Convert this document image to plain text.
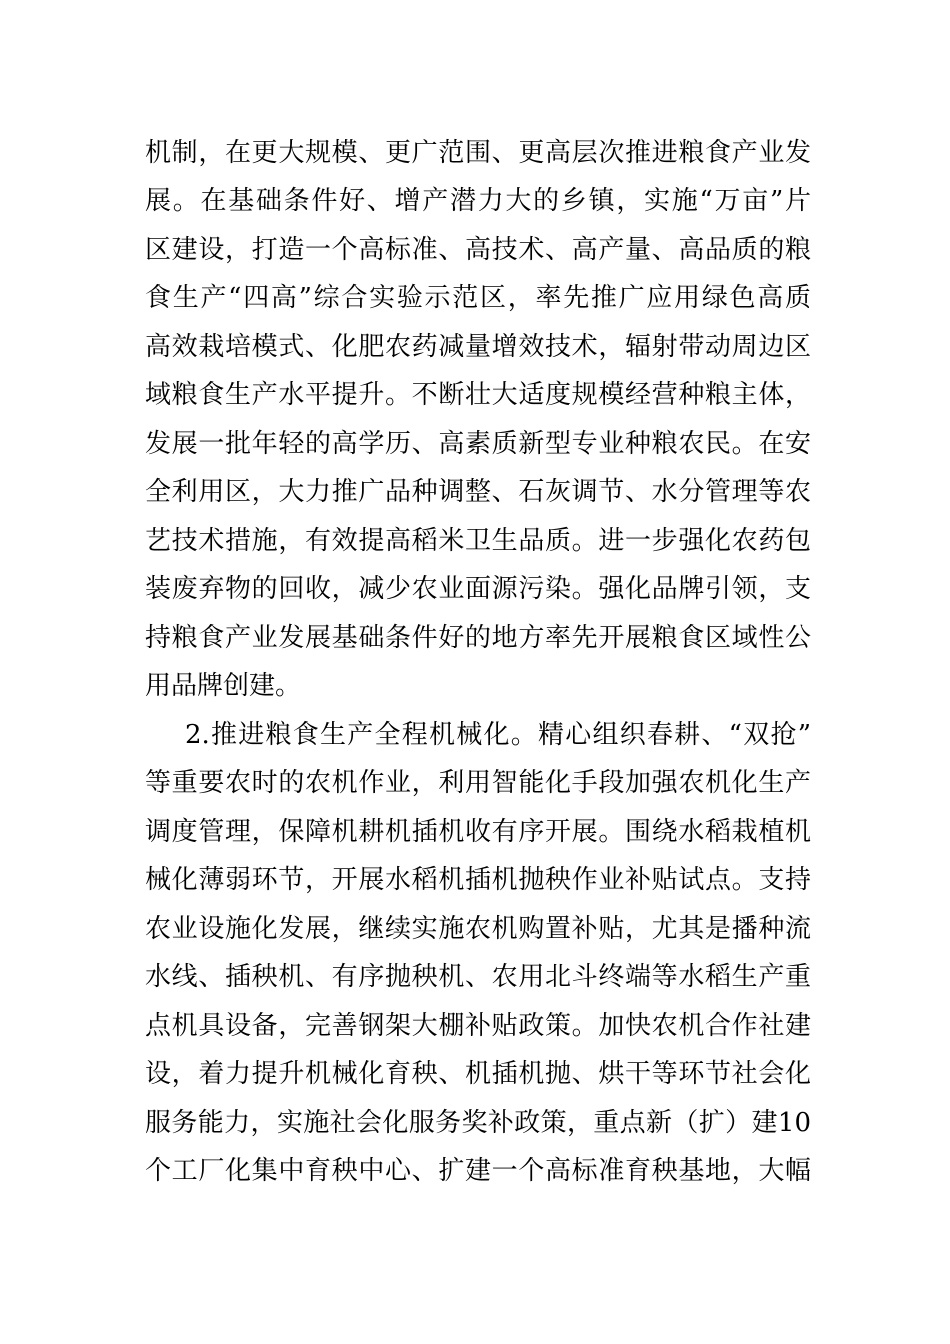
机制，在更大规模、更广范围、更高层次推进粮食产业发
展。在基础条件好、增产潜力大的乡镇，实施“万亩”片
区建设，打造一个高标准、高技术、高产量、高品质的粮
食生产“四高”综合实验示范区，率先推广应用绿色高质
高效栽培模式、化肥农药减量增效技术，辐射带动周边区
域粮食生产水平提升。不断壮大适度规模经营种粮主体，
发展一批年轻的高学历、高素质新型专业种粮农民。在安
全利用区，大力推广品种调整、石灰调节、水分管理等农
艺技术措施，有效提高稻米卫生品质。进一步强化农药包
装废弃物的回收，减少农业面源污染。强化品牌引领，支
持粮食产业发展基础条件好的地方率先开展粮食区域性公
用品牌创建。
2.推进粮食生产全程机械化。精心组织春耕、“双抢”
等重要农时的农机作业，利用智能化手段加强农机化生产
调度管理，保障机耕机插机收有序开展。围绕水稻栽植机
械化薄弱环节，开展水稻机插机抛秧作业补贴试点。支持
农业设施化发展，继续实施农机购置补贴，尤其是播种流
水线、插秧机、有序抛秧机、农用北斗终端等水稻生产重
点机具设备，完善钢架大棚补贴政策。加快农机合作社建
设，着力提升机械化育秧、机插机抛、烘干等环节社会化
服务能力，实施社会化服务奖补政策，重点新（扩）建10
个工厂化集中育秧中心、扩建一个高标准育秧基地，大幅
